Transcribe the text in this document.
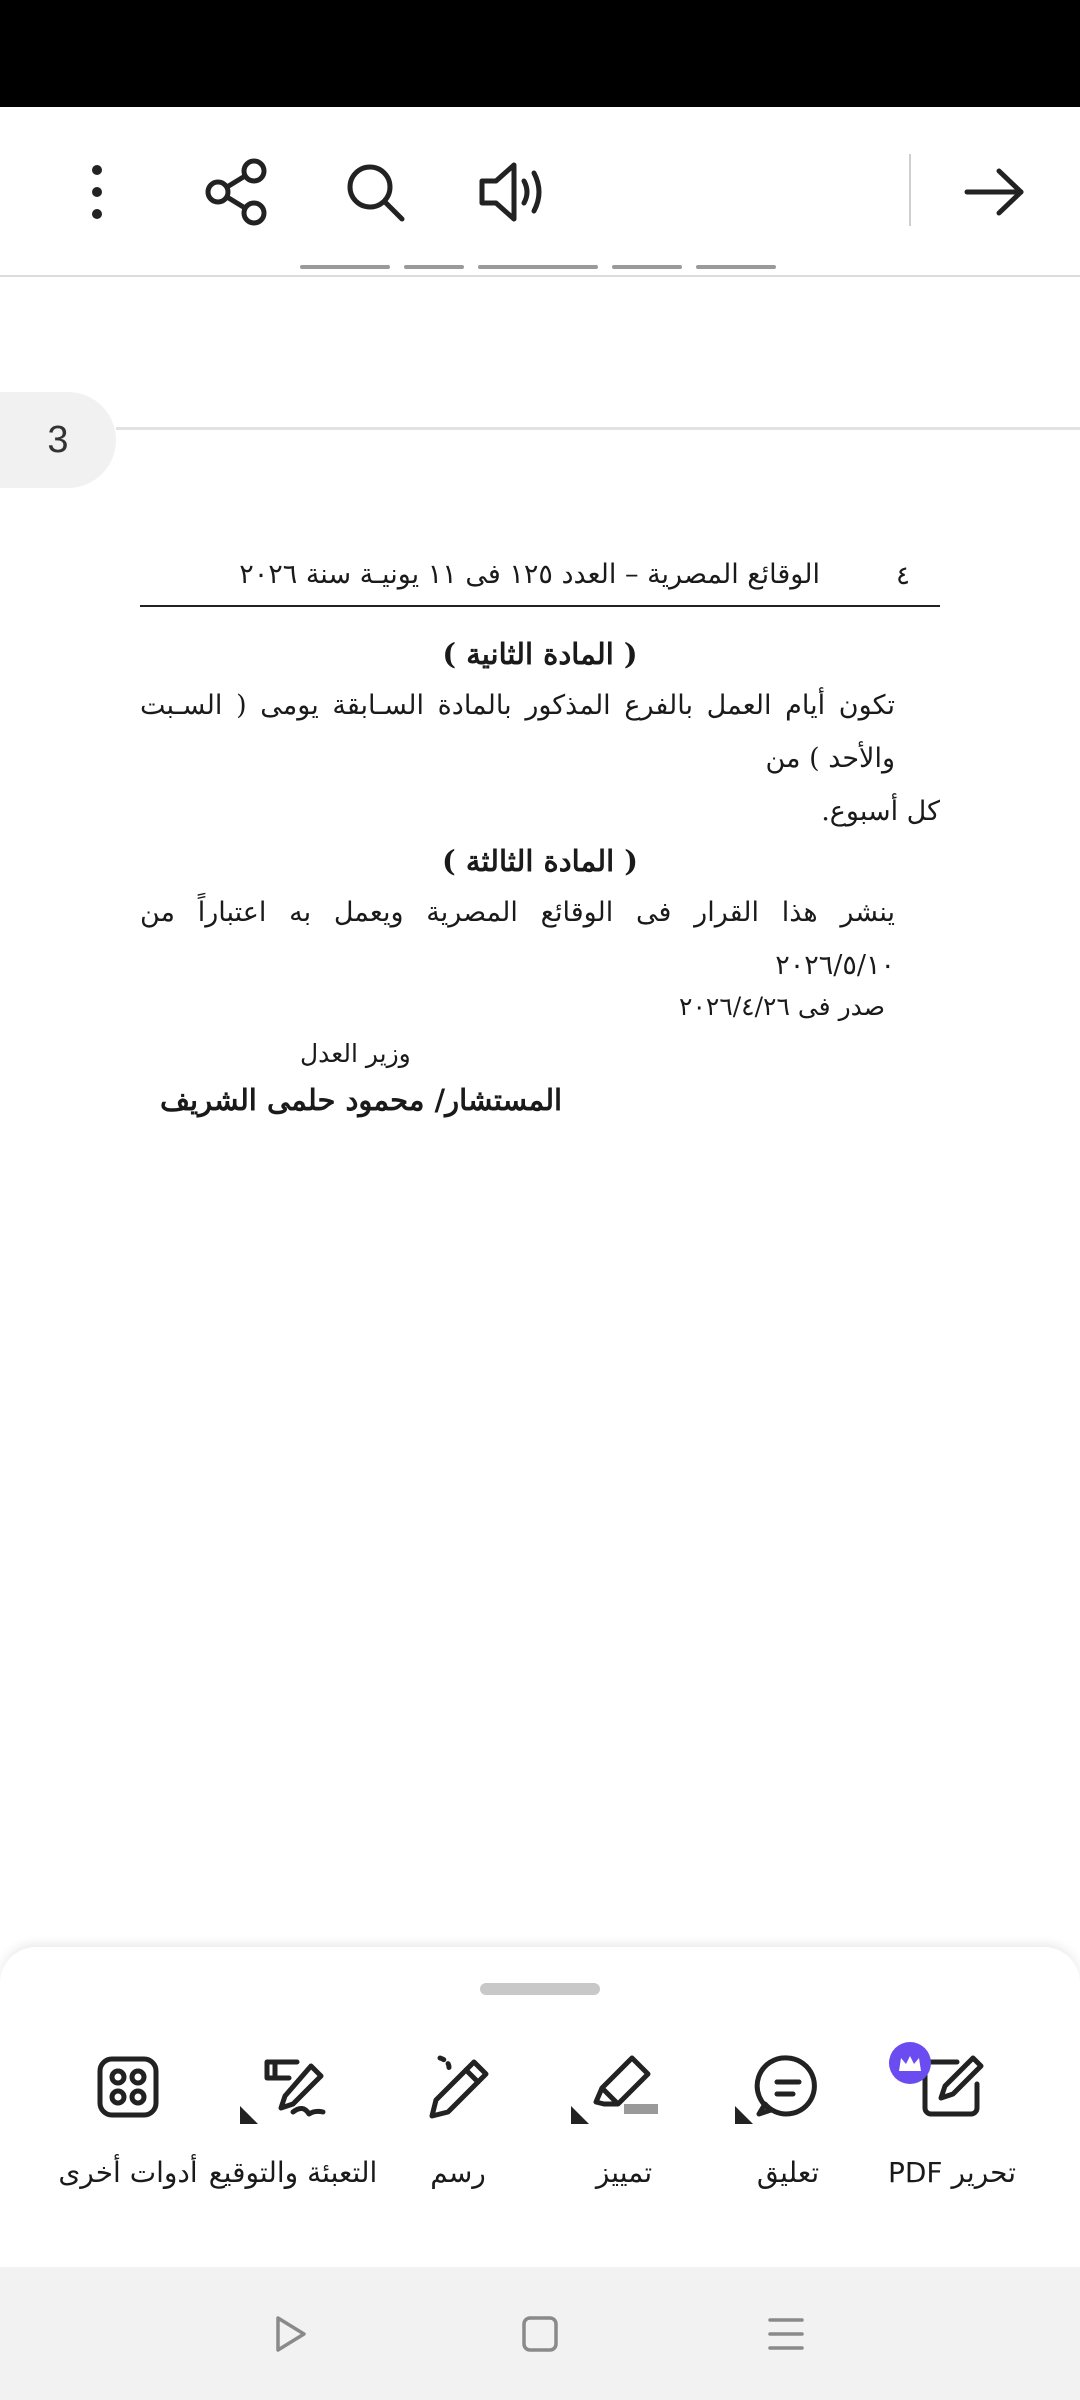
3
٤
الوقائع المصرية – العدد ١٢٥ فى ١١ يونيـة سنة ٢٠٢٦
( المادة الثانية )
تكون أيام العمل بالفرع المذكور بالمادة السـابقة يومى ( السـبت والأحد ) من
كل أسبوع.
( المادة الثالثة )
ينشر هذا القرار فى الوقائع المصرية ويعمل به اعتباراً من ٢٠٢٦/٥/١٠
صدر فى ٢٠٢٦/٤/٢٦
وزير العدل
المستشار/ محمود حلمى الشريف
تحرير PDF
تعليق
تمييز
رسم
التعبئة والتوقيع
أدوات أخرى
